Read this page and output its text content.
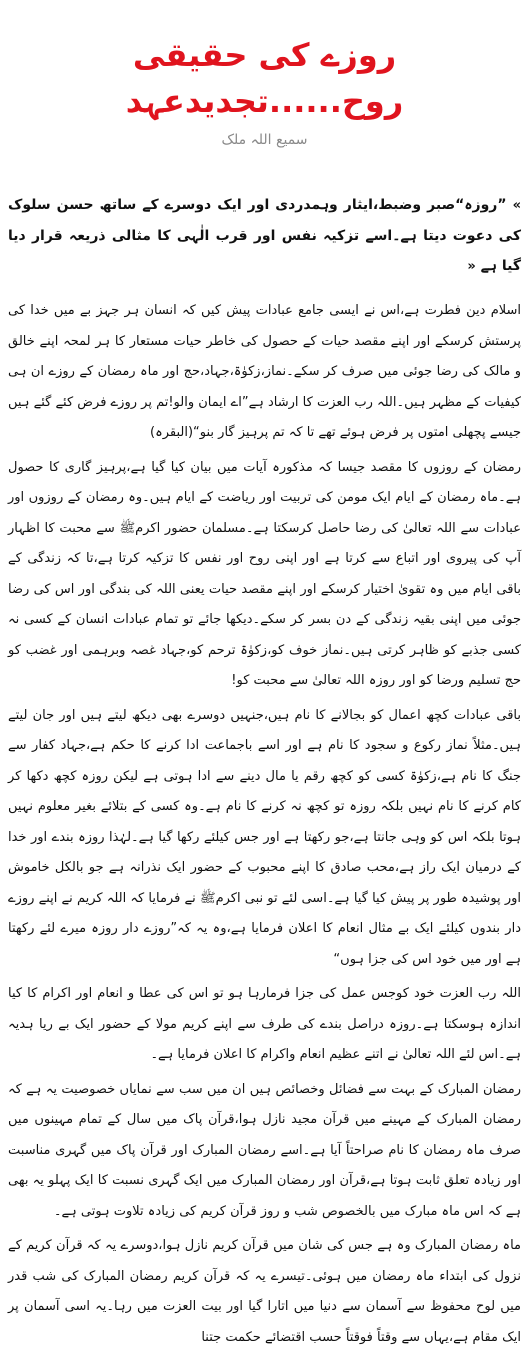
روزے کی حقیقی روح......تجدیدعہد
سمیع اللہ ملک
» ”روزہ“صبر وضبط،ایثار وہمدردی اور ایک دوسرے کے ساتھ حسن سلوک کی دعوت دیتا ہے۔اسے تزکیہ نفس اور قرب الٰہی کا مثالی ذریعہ قرار دیا گیا ہے «

اسلام دین فطرت ہے،اس نے ایسی جامع عبادات پیش کیں کہ انسان ہر جہز بے میں خدا کی پرستش کرسکے اور اپنے مقصد حیات کے حصول کی خاطر حیات مستعار کا ہر لمحہ اپنے خالق و مالک کی رضا جوئی میں صرف کر سکے۔نماز،زکوٰۃ،جہاد،حج اور ماہ رمضان کے روزے ان ہی کیفیات کے مظہر ہیں۔اللہ رب العزت کا ارشاد ہے”اے ایمان والو!تم پر روزے فرض کئے گئے ہیں جیسے پچھلی امتوں پر فرض ہوئے تھے تا کہ تم پرہیز گار بنو“(البقرہ)

رمضان کے روزوں کا مقصد جیسا کہ مذکورہ آیات میں بیان کیا گیا ہے،پرہیز گاری کا حصول ہے۔ماہ رمضان کے ایام ایک مومن کی تربیت اور ریاضت کے ایام ہیں۔وہ رمضان کے روزوں اور عبادات سے اللہ تعالیٰ کی رضا حاصل کرسکتا ہے۔مسلمان حضور اکرمﷺ سے محبت کا اظہار آپ کی پیروی اور اتباع سے کرتا ہے اور اپنی روح اور نفس کا تزکیہ کرتا ہے،تا کہ زندگی کے باقی ایام میں وہ تقویٰ اختیار کرسکے اور اپنے مقصد حیات یعنی اللہ کی بندگی اور اس کی رضا جوئی میں اپنی بقیہ زندگی کے دن بسر کر سکے۔دیکھا جائے تو تمام عبادات انسان کے کسی نہ کسی جذبے کو ظاہر کرتی ہیں۔نماز خوف کو،زکوٰۃ ترحم کو،جہاد غصہ وبرہمی اور غضب کو حج تسلیم ورضا کو اور روزہ اللہ تعالیٰ سے محبت کو!

باقی عبادات کچھ اعمال کو بجالانے کا نام ہیں،جنہیں دوسرے بھی دیکھ لیتے ہیں اور جان لیتے ہیں۔مثلاً نماز رکوع و سجود کا نام ہے اور اسے باجماعت ادا کرنے کا حکم ہے،جہاد کفار سے جنگ کا نام ہے،زکوٰۃ کسی کو کچھ رقم یا مال دینے سے ادا ہوتی ہے لیکن روزہ کچھ دکھا کر کام کرنے کا نام نہیں بلکہ روزہ تو کچھ نہ کرنے کا نام ہے۔وہ کسی کے بتلائے بغیر معلوم نہیں ہوتا بلکہ اس کو وہی جانتا ہے،جو رکھتا ہے اور جس کیلئے رکھا گیا ہے۔لہٰذا روزہ بندے اور خدا کے درمیان ایک راز ہے،محب صادق کا اپنے محبوب کے حضور ایک نذرانہ ہے جو بالکل خاموش اور پوشیدہ طور پر پیش کیا گیا ہے۔اسی لئے تو نبی اکرمﷺ نے فرمایا کہ اللہ کریم نے اپنے روزے دار بندوں کیلئے ایک بے مثال انعام کا اعلان فرمایا ہے،وہ یہ کہ”روزے دار روزہ میرے لئے رکھتا ہے اور میں خود اس کی جزا ہوں“

اللہ رب العزت خود کوجس عمل کی جزا فرمارہا ہو تو اس کی عطا و انعام اور اکرام کا کیا اندازہ ہوسکتا ہے۔روزہ دراصل بندے کی طرف سے اپنے کریم مولا کے حضور ایک بے ریا ہدیہ ہے۔اس لئے اللہ تعالیٰ نے اتنے عظیم انعام واکرام کا اعلان فرمایا ہے۔

رمضان المبارک کے بہت سے فضائل وخصائص ہیں ان میں سب سے نمایاں خصوصیت یہ ہے کہ رمضان المبارک کے مہینے میں قرآن مجید نازل ہوا،قرآن پاک میں سال کے تمام مہینوں میں صرف ماہ رمضان کا نام صراحتاً آیا ہے۔اسے رمضان المبارک اور قرآن پاک میں گہری مناسبت اور زیادہ تعلق ثابت ہوتا ہے،قرآن اور رمضان المبارک میں ایک گہری نسبت کا ایک پہلو یہ بھی ہے کہ اس ماہ مبارک میں بالخصوص شب و روز قرآن کریم کی زیادہ تلاوت ہوتی ہے۔

ماہ رمضان المبارک وہ ہے جس کی شان میں قرآن کریم نازل ہوا،دوسرے یہ کہ قرآن کریم کے نزول کی ابتداء ماہ رمضان میں ہوئی۔تیسرے یہ کہ قرآن کریم رمضان المبارک کی شب قدر میں لوح محفوظ سے آسمان سے دنیا میں اتارا گیا اور بیت العزت میں رہا۔یہ اسی آسمان پر ایک مقام ہے،یہاں سے وقتاً فوقتاً حسب اقتضائے حکمت جتنا
